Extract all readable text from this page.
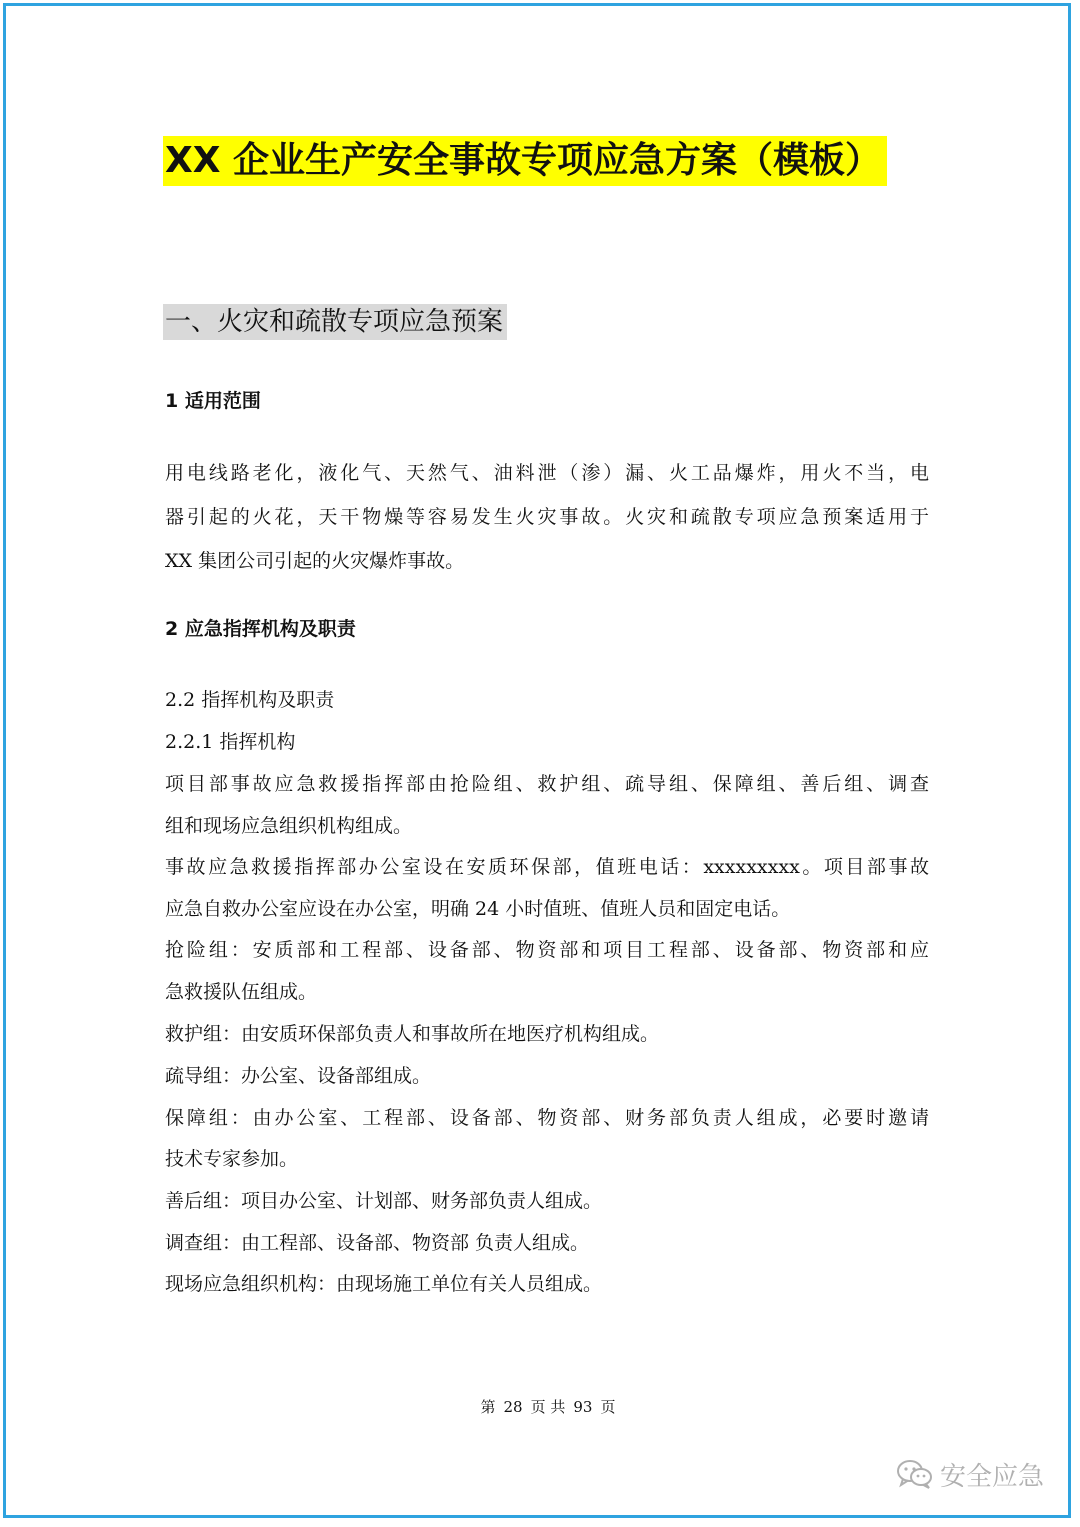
XX 企业生产安全事故专项应急方案（模板）
一、火灾和疏散专项应急预案
1 适用范围
用电线路老化，液化气、天然气、油料泄（渗）漏、火工品爆炸，用火不当，电
器引起的火花，天干物燥等容易发生火灾事故。火灾和疏散专项应急预案适用于
XX 集团公司引起的火灾爆炸事故。
2 应急指挥机构及职责
2.2 指挥机构及职责
2.2.1 指挥机构
项目部事故应急救援指挥部由抢险组、救护组、疏导组、保障组、善后组、调查
组和现场应急组织机构组成。
事故应急救援指挥部办公室设在安质环保部，值班电话：xxxxxxxxx。项目部事故
应急自救办公室应设在办公室，明确 24 小时值班、值班人员和固定电话。
抢险组：安质部和工程部、设备部、物资部和项目工程部、设备部、物资部和应
急救援队伍组成。
救护组：由安质环保部负责人和事故所在地医疗机构组成。
疏导组：办公室、设备部组成。
保障组：由办公室、工程部、设备部、物资部、财务部负责人组成，必要时邀请
技术专家参加。
善后组：项目办公室、计划部、财务部负责人组成。
调查组：由工程部、设备部、物资部 负责人组成。
现场应急组织机构：由现场施工单位有关人员组成。
第 28 页 共 93 页
安全应急
